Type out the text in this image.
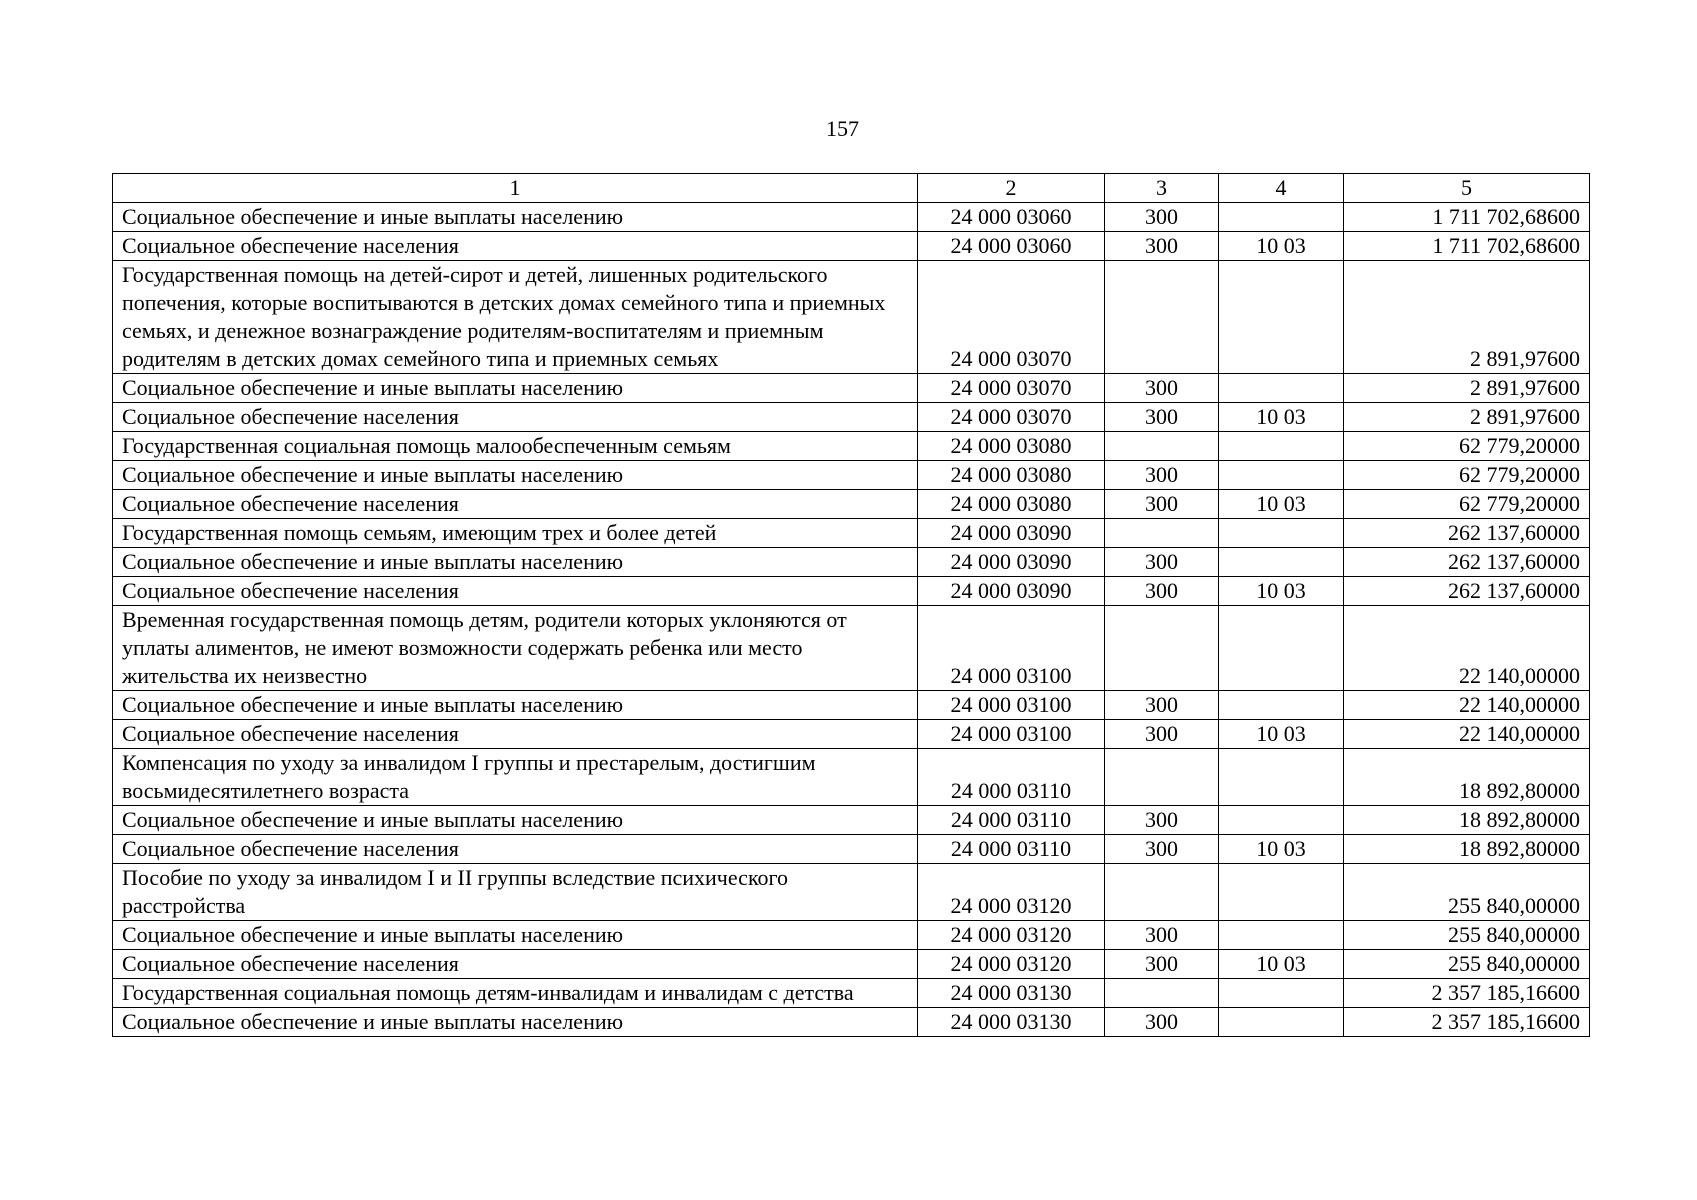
157
1	2	3	4	5
Социальное обеспечение и иные выплаты населению	24 000 03060	300		1 711 702,68600
Социальное обеспечение населения	24 000 03060	300	10 03	1 711 702,68600
Государственная помощь на детей-сирот и детей, лишенных родительского попечения, которые воспитываются в детских домах семейного типа и приемных семьях, и денежное вознаграждение родителям-воспитателям и приемным родителям в детских домах семейного типа и приемных семьях	24 000 03070			2 891,97600
Социальное обеспечение и иные выплаты населению	24 000 03070	300		2 891,97600
Социальное обеспечение населения	24 000 03070	300	10 03	2 891,97600
Государственная социальная помощь малообеспеченным семьям	24 000 03080			62 779,20000
Социальное обеспечение и иные выплаты населению	24 000 03080	300		62 779,20000
Социальное обеспечение населения	24 000 03080	300	10 03	62 779,20000
Государственная помощь семьям, имеющим трех и более детей	24 000 03090			262 137,60000
Социальное обеспечение и иные выплаты населению	24 000 03090	300		262 137,60000
Социальное обеспечение населения	24 000 03090	300	10 03	262 137,60000
Временная государственная помощь детям, родители которых уклоняются от уплаты алиментов, не имеют возможности содержать ребенка или место жительства их неизвестно	24 000 03100			22 140,00000
Социальное обеспечение и иные выплаты населению	24 000 03100	300		22 140,00000
Социальное обеспечение населения	24 000 03100	300	10 03	22 140,00000
Компенсация по уходу за инвалидом I группы и престарелым, достигшим восьмидесятилетнего возраста	24 000 03110			18 892,80000
Социальное обеспечение и иные выплаты населению	24 000 03110	300		18 892,80000
Социальное обеспечение населения	24 000 03110	300	10 03	18 892,80000
Пособие по уходу за инвалидом I и II группы вследствие психического расстройства	24 000 03120			255 840,00000
Социальное обеспечение и иные выплаты населению	24 000 03120	300		255 840,00000
Социальное обеспечение населения	24 000 03120	300	10 03	255 840,00000
Государственная социальная помощь детям-инвалидам и инвалидам с детства	24 000 03130			2 357 185,16600
Социальное обеспечение и иные выплаты населению	24 000 03130	300		2 357 185,16600
